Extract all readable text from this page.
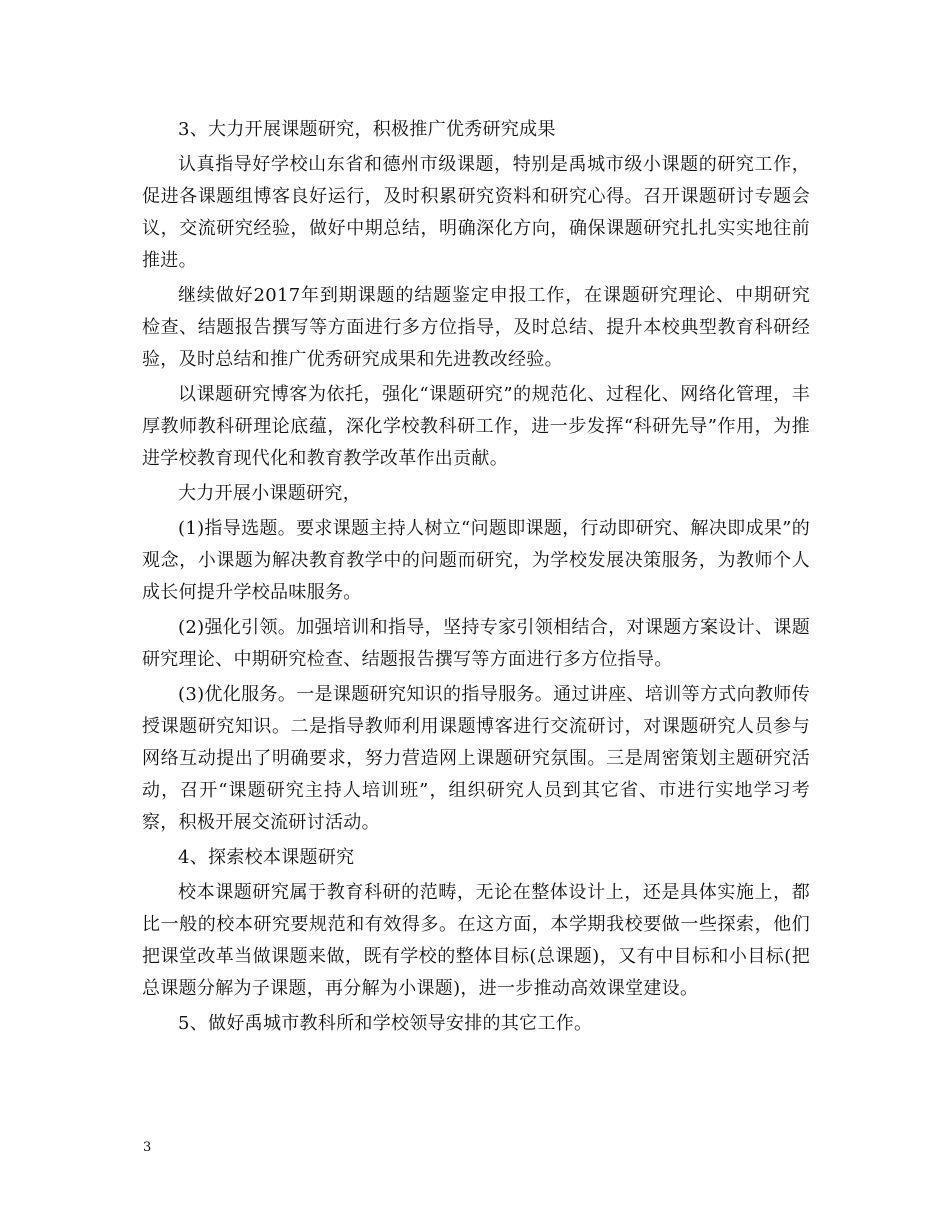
3、大力开展课题研究，积极推广优秀研究成果

认真指导好学校山东省和德州市级课题，特别是禹城市级小课题的研究工作，促进各课题组博客良好运行，及时积累研究资料和研究心得。召开课题研讨专题会议，交流研究经验，做好中期总结，明确深化方向，确保课题研究扎扎实实地往前推进。

继续做好2017年到期课题的结题鉴定申报工作，在课题研究理论、中期研究检查、结题报告撰写等方面进行多方位指导，及时总结、提升本校典型教育科研经验，及时总结和推广优秀研究成果和先进教改经验。

以课题研究博客为依托，强化“课题研究”的规范化、过程化、网络化管理，丰厚教师教科研理论底蕴，深化学校教科研工作，进一步发挥“科研先导”作用，为推进学校教育现代化和教育教学改革作出贡献。

大力开展小课题研究，

(1)指导选题。要求课题主持人树立“问题即课题，行动即研究、解决即成果”的观念，小课题为解决教育教学中的问题而研究，为学校发展决策服务，为教师个人成长何提升学校品味服务。

(2)强化引领。加强培训和指导，坚持专家引领相结合，对课题方案设计、课题研究理论、中期研究检查、结题报告撰写等方面进行多方位指导。

(3)优化服务。一是课题研究知识的指导服务。通过讲座、培训等方式向教师传授课题研究知识。二是指导教师利用课题博客进行交流研讨，对课题研究人员参与网络互动提出了明确要求，努力营造网上课题研究氛围。三是周密策划主题研究活动，召开“课题研究主持人培训班”，组织研究人员到其它省、市进行实地学习考察，积极开展交流研讨活动。

4、探索校本课题研究

校本课题研究属于教育科研的范畴，无论在整体设计上，还是具体实施上，都比一般的校本研究要规范和有效得多。在这方面，本学期我校要做一些探索，他们把课堂改革当做课题来做，既有学校的整体目标(总课题)，又有中目标和小目标(把总课题分解为子课题，再分解为小课题)，进一步推动高效课堂建设。

5、做好禹城市教科所和学校领导安排的其它工作。

3
